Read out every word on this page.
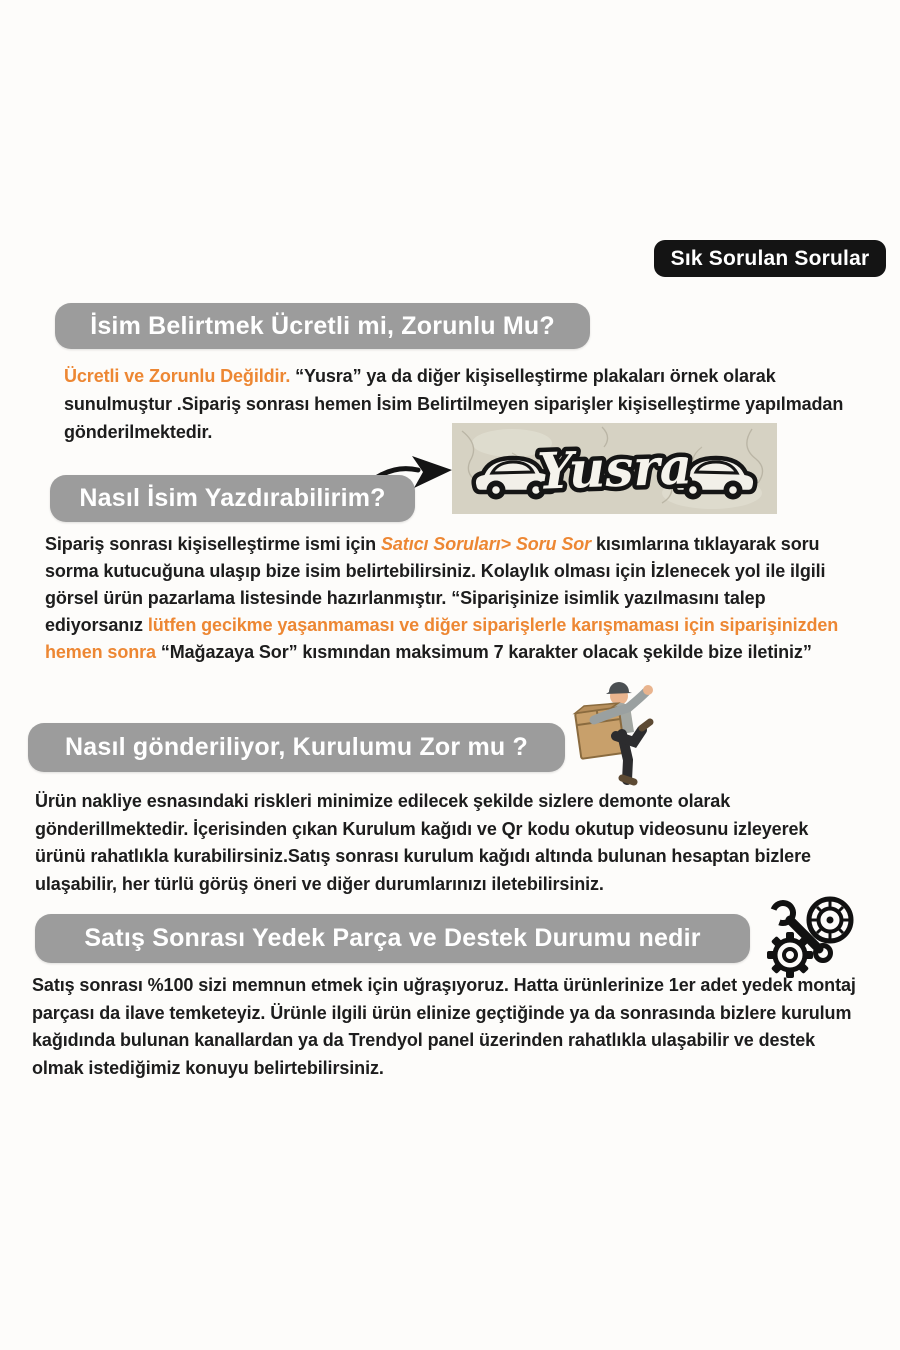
Sık Sorulan Sorular
İsim Belirtmek Ücretli mi, Zorunlu Mu?

Ücretli ve Zorunlu Değildir. “Yusra” ya da diğer kişiselleştirme plakaları örnek olarak sunulmuştur .Sipariş sonrası hemen İsim Belirtilmeyen siparişler kişiselleştirme yapılmadan gönderilmektedir.

Yusra
Nasıl İsim Yazdırabilirim?

Sipariş sonrası kişiselleştirme ismi için Satıcı Soruları> Soru Sor kısımlarına tıklayarak soru sorma kutucuğuna ulaşıp bize isim belirtebilirsiniz. Kolaylık olması için İzlenecek yol ile ilgili görsel ürün pazarlama listesinde hazırlanmıştır. “Siparişinize isimlik yazılmasını talep ediyorsanız lütfen gecikme yaşanmaması ve diğer siparişlerle karışmaması için siparişinizden hemen sonra “Mağazaya Sor” kısmından maksimum 7 karakter olacak şekilde bize iletiniz”

Nasıl gönderiliyor, Kurulumu Zor mu ?

Ürün nakliye esnasındaki riskleri minimize edilecek şekilde sizlere demonte olarak gönderillmektedir. İçerisinden çıkan Kurulum kağıdı ve Qr kodu okutup videosunu izleyerek ürünü rahatlıkla kurabilirsiniz.Satış sonrası kurulum kağıdı altında bulunan hesaptan bizlere ulaşabilir, her türlü görüş öneri ve diğer durumlarınızı iletebilirsiniz.

Satış Sonrası Yedek Parça ve Destek Durumu nedir

Satış sonrası %100 sizi memnun etmek için uğraşıyoruz. Hatta ürünlerinize 1er adet yedek montaj parçası da ilave temketeyiz. Ürünle ilgili ürün elinize geçtiğinde ya da sonrasında bizlere kurulum kağıdında bulunan kanallardan ya da Trendyol panel üzerinden rahatlıkla ulaşabilir ve destek olmak istediğimiz konuyu belirtebilirsiniz.
